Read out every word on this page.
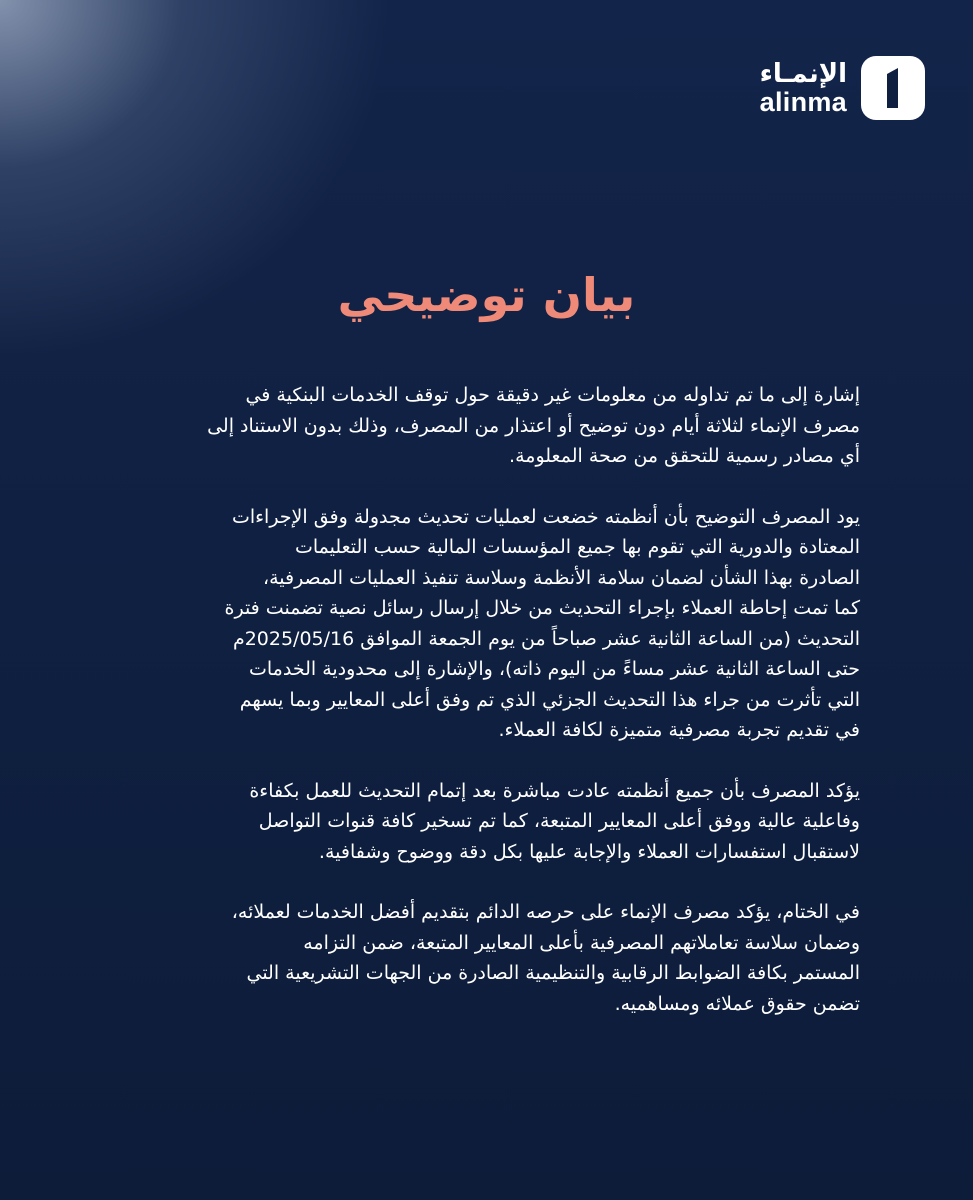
الإنمـاء
alinma
بيان توضيحي

إشارة إلى ما تم تداوله من معلومات غير دقيقة حول توقف الخدمات البنكية في
مصرف الإنماء لثلاثة أيام دون توضيح أو اعتذار من المصرف، وذلك بدون الاستناد إلى
أي مصادر رسمية للتحقق من صحة المعلومة.

يود المصرف التوضيح بأن أنظمته خضعت لعمليات تحديث مجدولة وفق الإجراءات
المعتادة والدورية التي تقوم بها جميع المؤسسات المالية حسب التعليمات
الصادرة بهذا الشأن لضمان سلامة الأنظمة وسلاسة تنفيذ العمليات المصرفية،
كما تمت إحاطة العملاء بإجراء التحديث من خلال إرسال رسائل نصية تضمنت فترة
التحديث (من الساعة الثانية عشر صباحاً من يوم الجمعة الموافق 2025/05/16م
حتى الساعة الثانية عشر مساءً من اليوم ذاته)، والإشارة إلى محدودية الخدمات
التي تأثرت من جراء هذا التحديث الجزئي الذي تم وفق أعلى المعايير وبما يسهم
في تقديم تجربة مصرفية متميزة لكافة العملاء.

يؤكد المصرف بأن جميع أنظمته عادت مباشرة بعد إتمام التحديث للعمل بكفاءة
وفاعلية عالية ووفق أعلى المعايير المتبعة، كما تم تسخير كافة قنوات التواصل
لاستقبال استفسارات العملاء والإجابة عليها بكل دقة ووضوح وشفافية.

في الختام، يؤكد مصرف الإنماء على حرصه الدائم بتقديم أفضل الخدمات لعملائه،
وضمان سلاسة تعاملاتهم المصرفية بأعلى المعايير المتبعة، ضمن التزامه
المستمر بكافة الضوابط الرقابية والتنظيمية الصادرة من الجهات التشريعية التي
تضمن حقوق عملائه ومساهميه.
